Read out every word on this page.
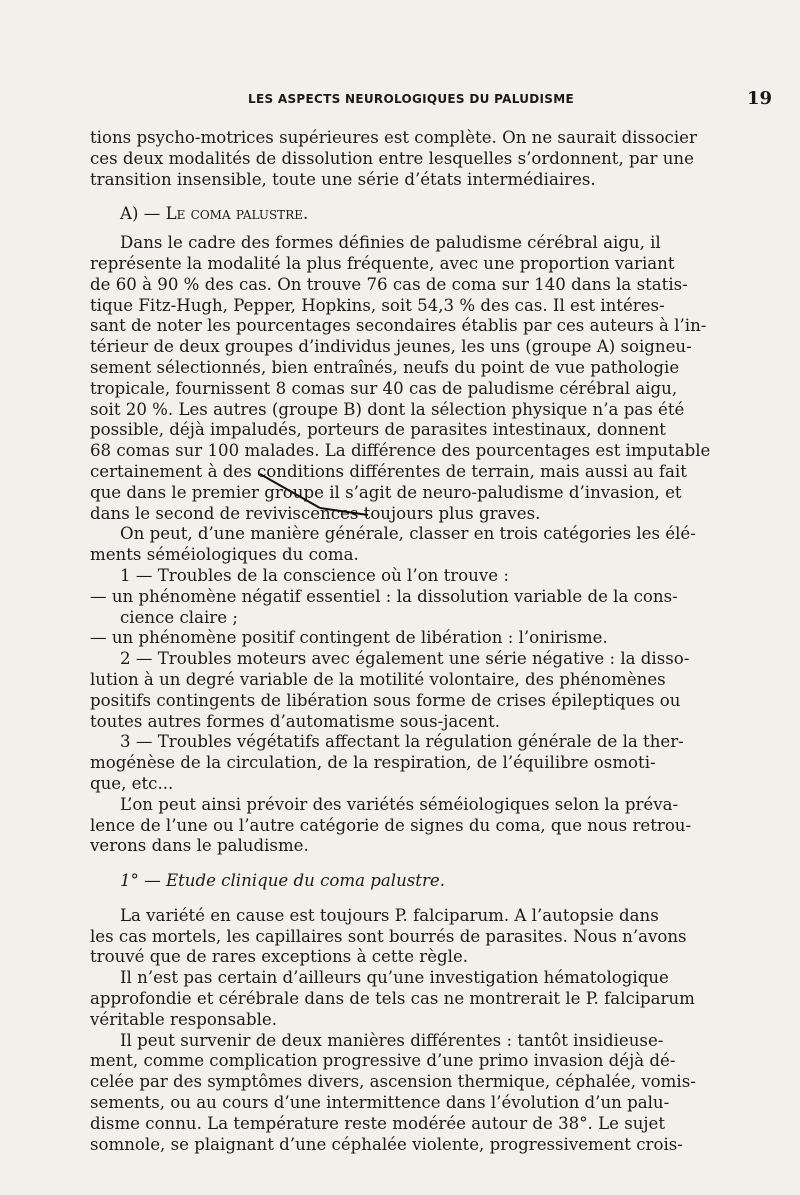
LES ASPECTS NEUROLOGIQUES DU PALUDISME	19
tions psycho-motrices supérieures est complète. On ne saurait dissocier
ces deux modalités de dissolution entre lesquelles s’ordonnent, par une
transition insensible, toute une série d’états intermédiaires.
A) — Le coma palustre.
Dans le cadre des formes définies de paludisme cérébral aigu, il
représente la modalité la plus fréquente, avec une proportion variant
de 60 à 90 % des cas. On trouve 76 cas de coma sur 140 dans la statis-
tique Fitz-Hugh, Pepper, Hopkins, soit 54,3 % des cas. Il est intéres-
sant de noter les pourcentages secondaires établis par ces auteurs à l’in-
térieur de deux groupes d’individus jeunes, les uns (groupe A) soigneu-
sement sélectionnés, bien entraînés, neufs du point de vue pathologie
tropicale, fournissent 8 comas sur 40 cas de paludisme cérébral aigu,
soit 20 %. Les autres (groupe B) dont la sélection physique n’a pas été
possible, déjà impaludés, porteurs de parasites intestinaux, donnent
68 comas sur 100 malades. La différence des pourcentages est imputable
certainement à des conditions différentes de terrain, mais aussi au fait
que dans le premier groupe il s’agit de neuro-paludisme d’invasion, et
dans le second de reviviscences toujours plus graves.
On peut, d’une manière générale, classer en trois catégories les élé-
ments séméiologiques du coma.
1 — Troubles de la conscience où l’on trouve :
— un phénomène négatif essentiel : la dissolution variable de la cons-
cience claire ;
— un phénomène positif contingent de libération : l’onirisme.
2 — Troubles moteurs avec également une série négative : la disso-
lution à un degré variable de la motilité volontaire, des phénomènes
positifs contingents de libération sous forme de crises épileptiques ou
toutes autres formes d’automatisme sous-jacent.
3 — Troubles végétatifs affectant la régulation générale de la ther-
mogénèse de la circulation, de la respiration, de l’équilibre osmoti-
que, etc...
L’on peut ainsi prévoir des variétés séméiologiques selon la préva-
lence de l’une ou l’autre catégorie de signes du coma, que nous retrou-
verons dans le paludisme.
1° — Etude clinique du coma palustre.
La variété en cause est toujours P. falciparum. A l’autopsie dans
les cas mortels, les capillaires sont bourrés de parasites. Nous n’avons
trouvé que de rares exceptions à cette règle.
Il n’est pas certain d’ailleurs qu’une investigation hématologique
approfondie et cérébrale dans de tels cas ne montrerait le P. falciparum
véritable responsable.
Il peut survenir de deux manières différentes : tantôt insidieuse-
ment, comme complication progressive d’une primo invasion déjà dé-
celée par des symptômes divers, ascension thermique, céphalée, vomis-
sements, ou au cours d’une intermittence dans l’évolution d’un palu-
disme connu. La température reste modérée autour de 38°. Le sujet
somnole, se plaignant d’une céphalée violente, progressivement crois-
